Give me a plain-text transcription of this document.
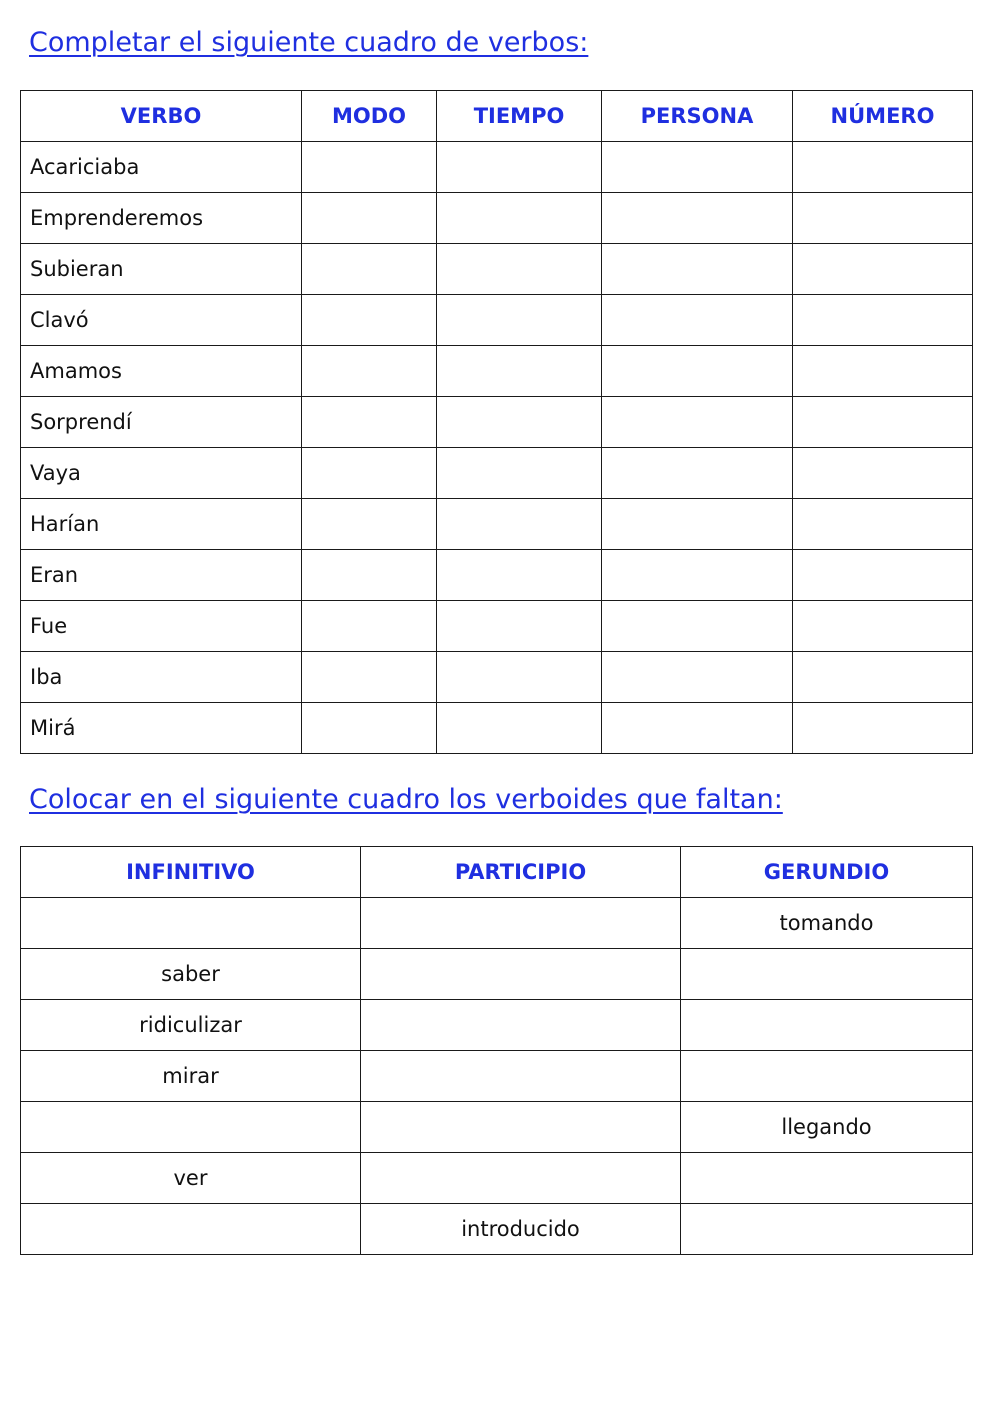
Completar el siguiente cuadro de verbos:
VERBO	MODO	TIEMPO	PERSONA	NÚMERO
Acariciaba				
Emprenderemos				
Subieran				
Clavó				
Amamos				
Sorprendí				
Vaya				
Harían				
Eran				
Fue				
Iba				
Mirá				
Colocar en el siguiente cuadro los verboides que faltan:
INFINITIVO	PARTICIPIO	GERUNDIO
		tomando
saber		
ridiculizar		
mirar		
		llegando
ver		
	introducido	
